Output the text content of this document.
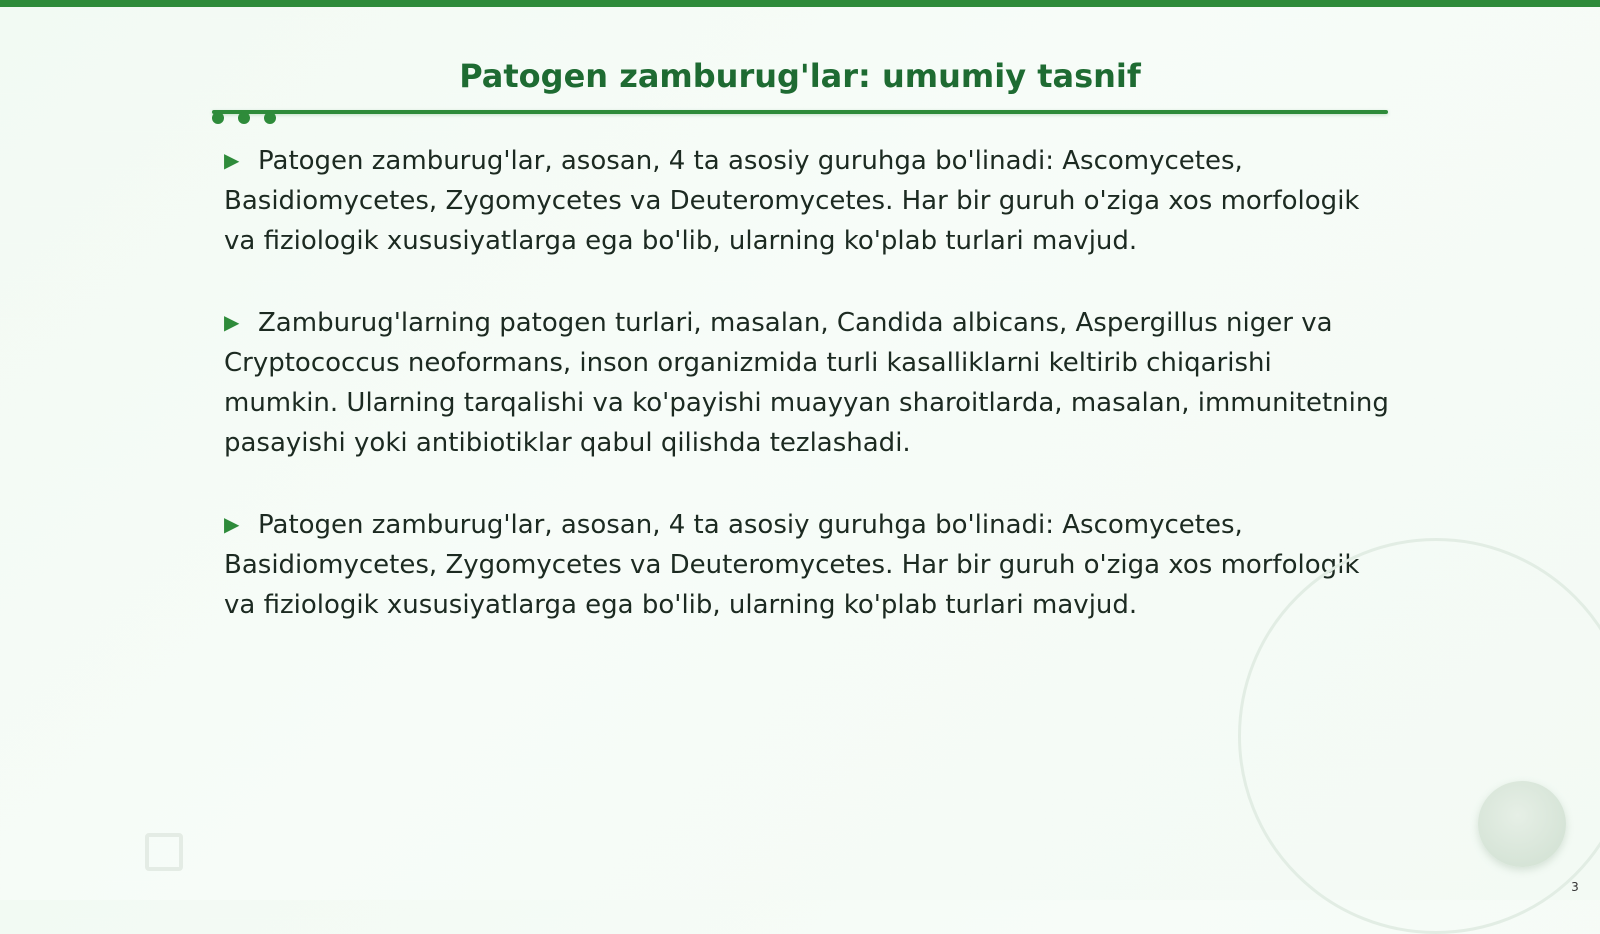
Patogen zamburug'lar: umumiy tasnif

▶ Patogen zamburug'lar, asosan, 4 ta asosiy guruhga bo'linadi: Ascomycetes, Basidiomycetes, Zygomycetes va Deuteromycetes. Har bir guruh o'ziga xos morfologik va fiziologik xususiyatlarga ega bo'lib, ularning ko'plab turlari mavjud.

▶ Zamburug'larning patogen turlari, masalan, Candida albicans, Aspergillus niger va Cryptococcus neoformans, inson organizmida turli kasalliklarni keltirib chiqarishi mumkin. Ularning tarqalishi va ko'payishi muayyan sharoitlarda, masalan, immunitetning pasayishi yoki antibiotiklar qabul qilishda tezlashadi.

▶ Patogen zamburug'lar, asosan, 4 ta asosiy guruhga bo'linadi: Ascomycetes, Basidiomycetes, Zygomycetes va Deuteromycetes. Har bir guruh o'ziga xos morfologik va fiziologik xususiyatlarga ega bo'lib, ularning ko'plab turlari mavjud.

3
